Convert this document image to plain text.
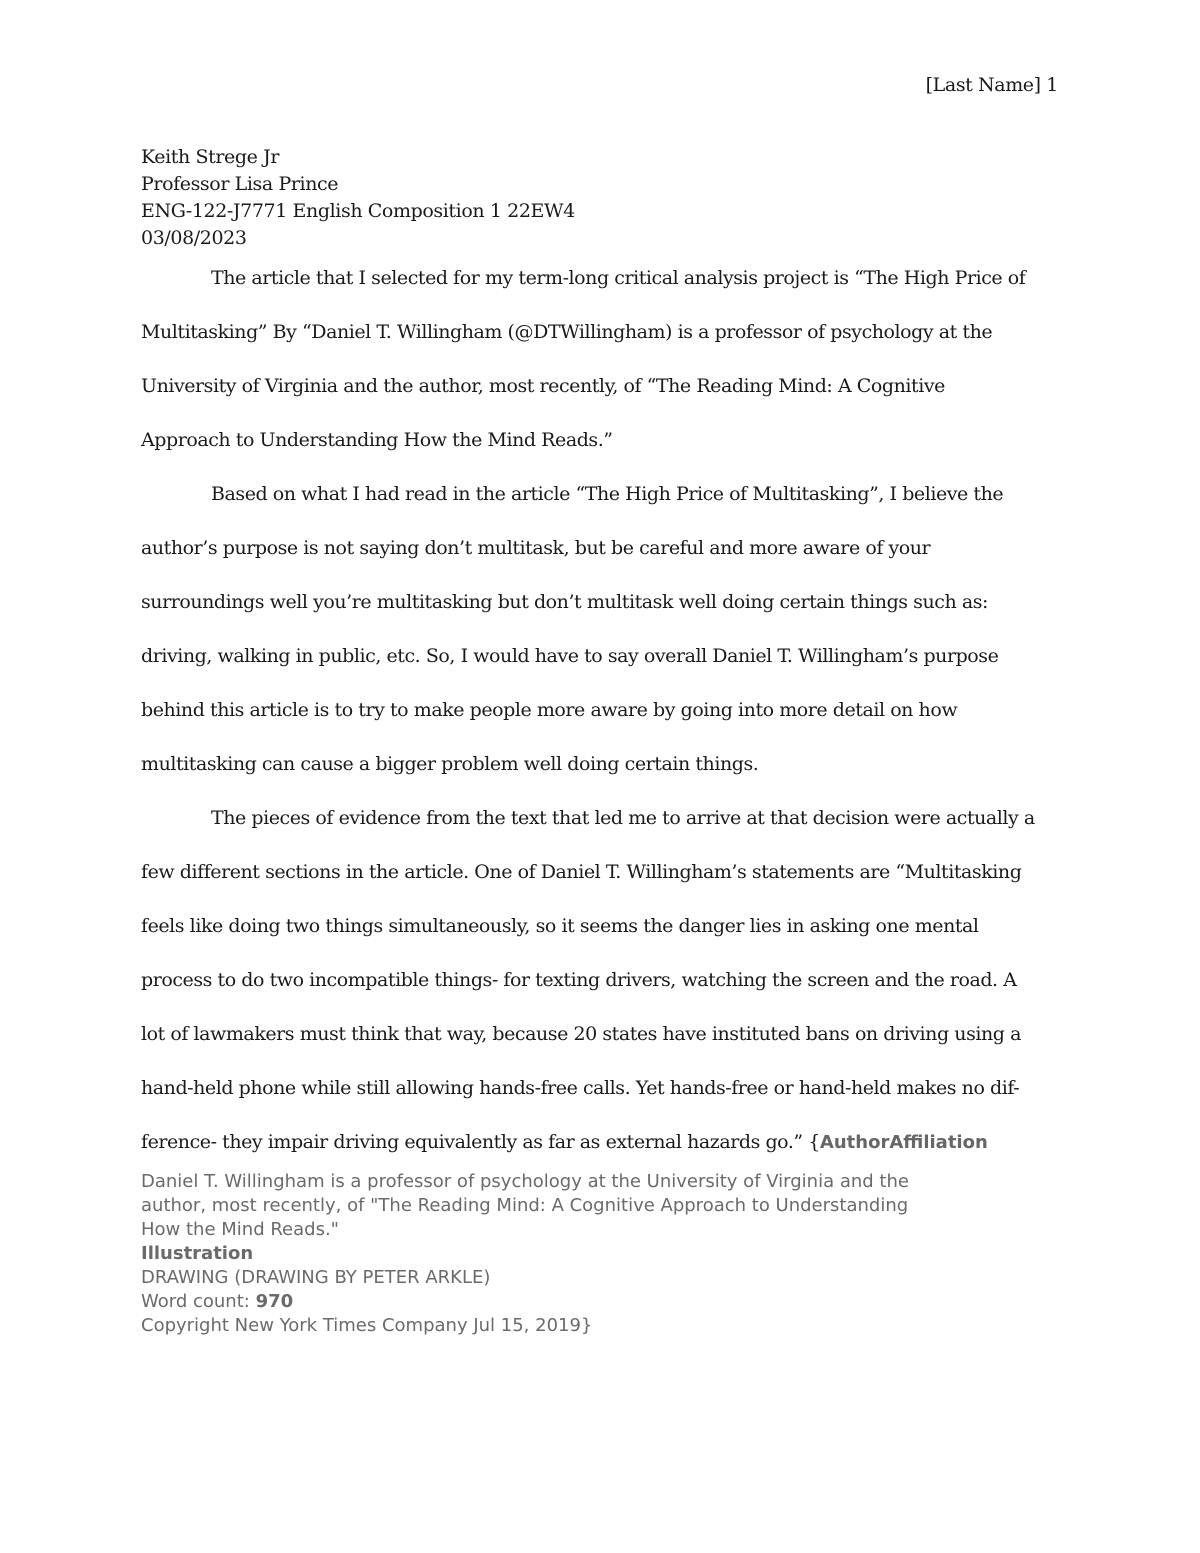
[Last Name] 1
Keith Strege Jr
Professor Lisa Prince
ENG-122-J7771 English Composition 1 22EW4
03/08/2023
The article that I selected for my term-long critical analysis project is “The High Price of
Multitasking” By “Daniel T. Willingham (@DTWillingham) is a professor of psychology at the
University of Virginia and the author, most recently, of “The Reading Mind: A Cognitive
Approach to Understanding How the Mind Reads.”
Based on what I had read in the article “The High Price of Multitasking”, I believe the
author’s purpose is not saying don’t multitask, but be careful and more aware of your
surroundings well you’re multitasking but don’t multitask well doing certain things such as:
driving, walking in public, etc. So, I would have to say overall Daniel T. Willingham’s purpose
behind this article is to try to make people more aware by going into more detail on how
multitasking can cause a bigger problem well doing certain things.
The pieces of evidence from the text that led me to arrive at that decision were actually a
few different sections in the article. One of Daniel T. Willingham’s statements are “Multitasking
feels like doing two things simultaneously, so it seems the danger lies in asking one mental
process to do two incompatible things- for texting drivers, watching the screen and the road. A
lot of lawmakers must think that way, because 20 states have instituted bans on driving using a
hand-held phone while still allowing hands-free calls. Yet hands-free or hand-held makes no dif-
ference- they impair driving equivalently as far as external hazards go.” {AuthorAffiliation
Daniel T. Willingham is a professor of psychology at the University of Virginia and the
author, most recently, of "The Reading Mind: A Cognitive Approach to Understanding
How the Mind Reads."
Illustration
DRAWING (DRAWING BY PETER ARKLE)
Word count: 970
Copyright New York Times Company Jul 15, 2019}
